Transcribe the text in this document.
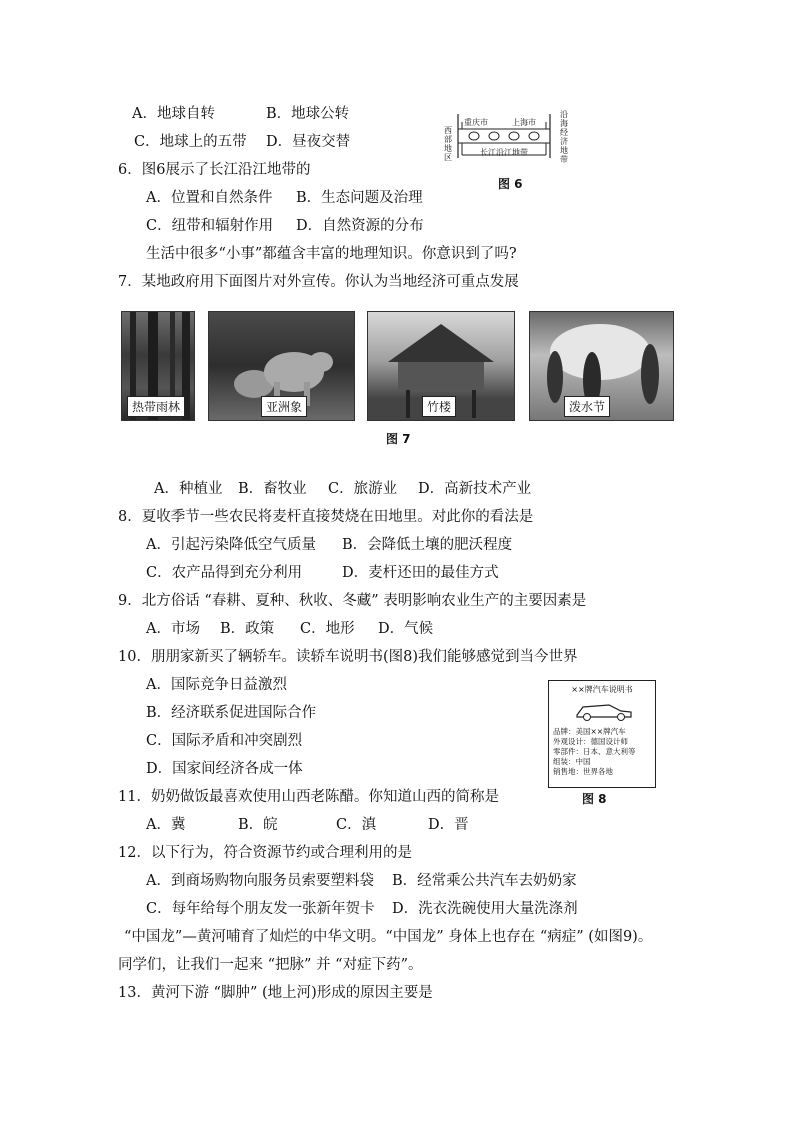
A．地球自转	B．地球公转
C．地球上的五带 D．昼夜交替
6．图6展示了长江沿江地带的
A．位置和自然条件 B．生态问题及治理
C．纽带和辐射作用 D．自然资源的分布
重庆市	上海市
长江沿江地带
西
部
地
区
沿
海
经
济
地
带
图 6
生活中很多“小事”都蕴含丰富的地理知识。你意识到了吗?
7．某地政府用下面图片对外宣传。你认为当地经济可重点发展
热带雨林	亚洲象	竹楼	泼水节
图 7
A．种植业 B．畜牧业 C．旅游业 D．高新技术产业
8．夏收季节一些农民将麦杆直接焚烧在田地里。对此你的看法是
A．引起污染降低空气质量 B．会降低土壤的肥沃程度
C．农产品得到充分利用	D．麦杆还田的最佳方式
9．北方俗话 “春耕、夏种、秋收、冬藏” 表明影响农业生产的主要因素是
A．市场 B．政策 C．地形 D．气候
10．朋朋家新买了辆轿车。读轿车说明书(图8)我们能够感觉到当今世界
A．国际竞争日益激烈
B．经济联系促进国际合作
C．国际矛盾和冲突剧烈
D．国家间经济各成一体
××牌汽车说明书
品牌：美国××牌汽车
外观设计：德国设计师
零部件：日本、意大利等
组装：中国
销售地：世界各地
图 8
11．奶奶做饭最喜欢使用山西老陈醋。你知道山西的简称是
A．冀	B．皖	C．滇	D．晋
12．以下行为，符合资源节约或合理利用的是
A．到商场购物向服务员索要塑料袋 B．经常乘公共汽车去奶奶家
C．每年给每个朋友发一张新年贺卡 D．洗衣洗碗使用大量洗涤剂
“中国龙”—黄河哺育了灿烂的中华文明。“中国龙” 身体上也存在 “病症” (如图9)。
同学们，让我们一起来 “把脉” 并 “对症下药”。
13．黄河下游 “脚肿” (地上河)形成的原因主要是
